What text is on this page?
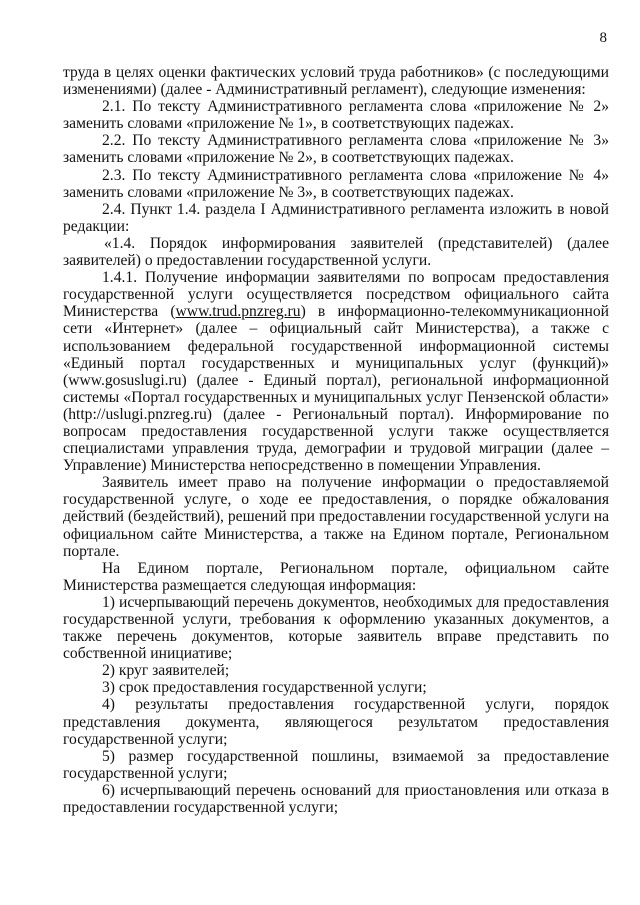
8

труда в целях оценки фактических условий труда работников» (с последующими изменениями) (далее - Административный регламент), следующие изменения:

2.1. По тексту Административного регламента слова «приложение № 2» заменить словами «приложение № 1», в соответствующих падежах.

2.2. По тексту Административного регламента слова «приложение № 3» заменить словами «приложение № 2», в соответствующих падежах.

2.3. По тексту Административного регламента слова «приложение № 4» заменить словами «приложение № 3», в соответствующих падежах.

2.4. Пункт 1.4. раздела I Административного регламента изложить в новой редакции:

«1.4. Порядок информирования заявителей (представителей) (далее заявителей) о предоставлении государственной услуги.

1.4.1. Получение информации заявителями по вопросам предоставления государственной услуги осуществляется посредством официального сайта Министерства (www.trud.pnzreg.ru) в информационно-телекоммуникационной сети «Интернет» (далее – официальный сайт Министерства), а также с использованием федеральной государственной информационной системы «Единый портал государственных и муниципальных услуг (функций)» (www.gosuslugi.ru) (далее - Единый портал), региональной информационной системы «Портал государственных и муниципальных услуг Пензенской области» (http://uslugi.pnzreg.ru) (далее - Региональный портал). Информирование по вопросам предоставления государственной услуги также осуществляется специалистами управления труда, демографии и трудовой миграции (далее – Управление) Министерства непосредственно в помещении Управления.

Заявитель имеет право на получение информации о предоставляемой государственной услуге, о ходе ее предоставления, о порядке обжалования действий (бездействий), решений при предоставлении государственной услуги на официальном сайте Министерства, а также на Едином портале, Региональном портале.

На Едином портале, Региональном портале, официальном сайте Министерства размещается следующая информация:

1) исчерпывающий перечень документов, необходимых для предоставления государственной услуги, требования к оформлению указанных документов, а также перечень документов, которые заявитель вправе представить по собственной инициативе;

2) круг заявителей;

3) срок предоставления государственной услуги;

4) результаты предоставления государственной услуги, порядок представления документа, являющегося результатом предоставления государственной услуги;

5) размер государственной пошлины, взимаемой за предоставление государственной услуги;

6) исчерпывающий перечень оснований для приостановления или отказа в предоставлении государственной услуги;
